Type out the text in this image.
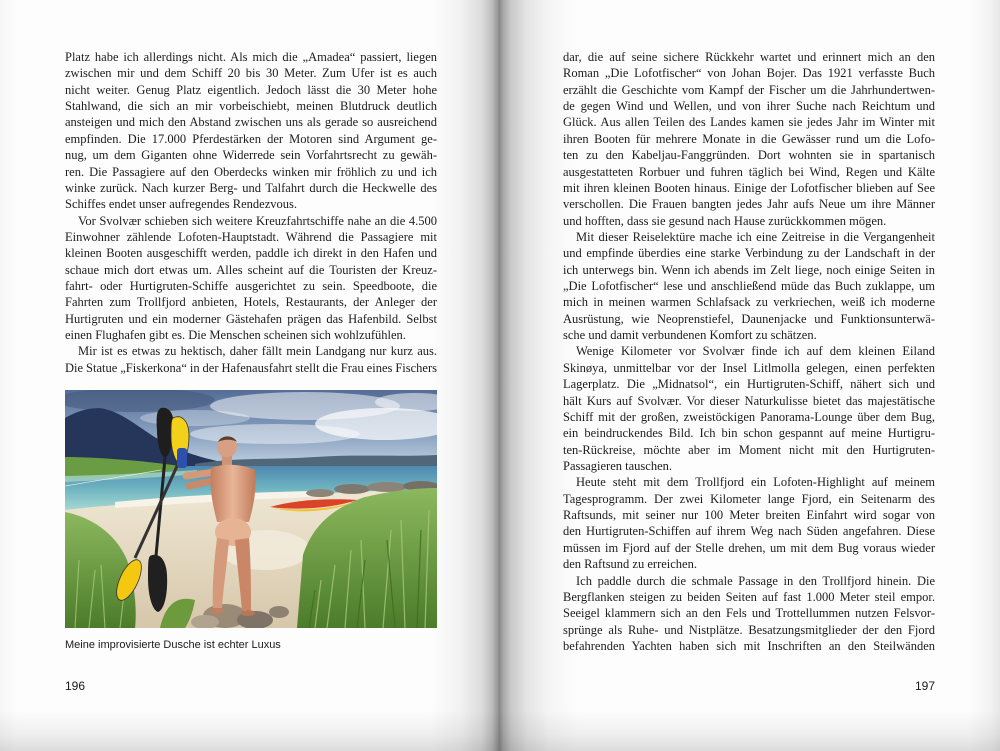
Platz habe ich allerdings nicht. Als mich die „Amadea“ passiert, liegen
zwischen mir und dem Schiff 20 bis 30 Meter. Zum Ufer ist es auch
nicht weiter. Genug Platz eigentlich. Jedoch lässt die 30 Meter hohe
Stahlwand, die sich an mir vorbeischiebt, meinen Blutdruck deutlich
ansteigen und mich den Abstand zwischen uns als gerade so ausreichend
empfinden. Die 17.000 Pferdestärken der Motoren sind Argument ge-
nug, um dem Giganten ohne Widerrede sein Vorfahrtsrecht zu gewäh-
ren. Die Passagiere auf den Oberdecks winken mir fröhlich zu und ich
winke zurück. Nach kurzer Berg- und Talfahrt durch die Heckwelle des
Schiffes endet unser aufregendes Rendezvous.
Vor Svolvær schieben sich weitere Kreuzfahrtschiffe nahe an die 4.500
Einwohner zählende Lofoten-Hauptstadt. Während die Passagiere mit
kleinen Booten ausgeschifft werden, paddle ich direkt in den Hafen und
schaue mich dort etwas um. Alles scheint auf die Touristen der Kreuz-
fahrt- oder Hurtigruten-Schiffe ausgerichtet zu sein. Speedboote, die
Fahrten zum Trollfjord anbieten, Hotels, Restaurants, der Anleger der
Hurtigruten und ein moderner Gästehafen prägen das Hafenbild. Selbst
einen Flughafen gibt es. Die Menschen scheinen sich wohlzufühlen.
Mir ist es etwas zu hektisch, daher fällt mein Landgang nur kurz aus.
Die Statue „Fiskerkona“ in der Hafenausfahrt stellt die Frau eines Fischers
Meine improvisierte Dusche ist echter Luxus
196
dar, die auf seine sichere Rückkehr wartet und erinnert mich an den
Roman „Die Lofotfischer“ von Johan Bojer. Das 1921 verfasste Buch
erzählt die Geschichte vom Kampf der Fischer um die Jahrhundertwen-
de gegen Wind und Wellen, und von ihrer Suche nach Reichtum und
Glück. Aus allen Teilen des Landes kamen sie jedes Jahr im Winter mit
ihren Booten für mehrere Monate in die Gewässer rund um die Lofo-
ten zu den Kabeljau-Fanggründen. Dort wohnten sie in spartanisch
ausgestatteten Rorbuer und fuhren täglich bei Wind, Regen und Kälte
mit ihren kleinen Booten hinaus. Einige der Lofotfischer blieben auf See
verschollen. Die Frauen bangten jedes Jahr aufs Neue um ihre Männer
und hofften, dass sie gesund nach Hause zurückkommen mögen.
Mit dieser Reiselektüre mache ich eine Zeitreise in die Vergangenheit
und empfinde überdies eine starke Verbindung zu der Landschaft in der
ich unterwegs bin. Wenn ich abends im Zelt liege, noch einige Seiten in
„Die Lofotfischer“ lese und anschließend müde das Buch zuklappe, um
mich in meinen warmen Schlafsack zu verkriechen, weiß ich moderne
Ausrüstung, wie Neoprenstiefel, Daunenjacke und Funktionsunterwä-
sche und damit verbundenen Komfort zu schätzen.
Wenige Kilometer vor Svolvær finde ich auf dem kleinen Eiland
Skinøya, unmittelbar vor der Insel Litlmolla gelegen, einen perfekten
Lagerplatz. Die „Midnatsol“, ein Hurtigruten-Schiff, nähert sich und
hält Kurs auf Svolvær. Vor dieser Naturkulisse bietet das majestätische
Schiff mit der großen, zweistöckigen Panorama-Lounge über dem Bug,
ein beindruckendes Bild. Ich bin schon gespannt auf meine Hurtigru-
ten-Rückreise, möchte aber im Moment nicht mit den Hurtigruten-
Passagieren tauschen.
Heute steht mit dem Trollfjord ein Lofoten-Highlight auf meinem
Tagesprogramm. Der zwei Kilometer lange Fjord, ein Seitenarm des
Raftsunds, mit seiner nur 100 Meter breiten Einfahrt wird sogar von
den Hurtigruten-Schiffen auf ihrem Weg nach Süden angefahren. Diese
müssen im Fjord auf der Stelle drehen, um mit dem Bug voraus wieder
den Raftsund zu erreichen.
Ich paddle durch die schmale Passage in den Trollfjord hinein. Die
Bergflanken steigen zu beiden Seiten auf fast 1.000 Meter steil empor.
Seeigel klammern sich an den Fels und Trottellummen nutzen Felsvor-
sprünge als Ruhe- und Nistplätze. Besatzungsmitglieder der den Fjord
befahrenden Yachten haben sich mit Inschriften an den Steilwänden
197
